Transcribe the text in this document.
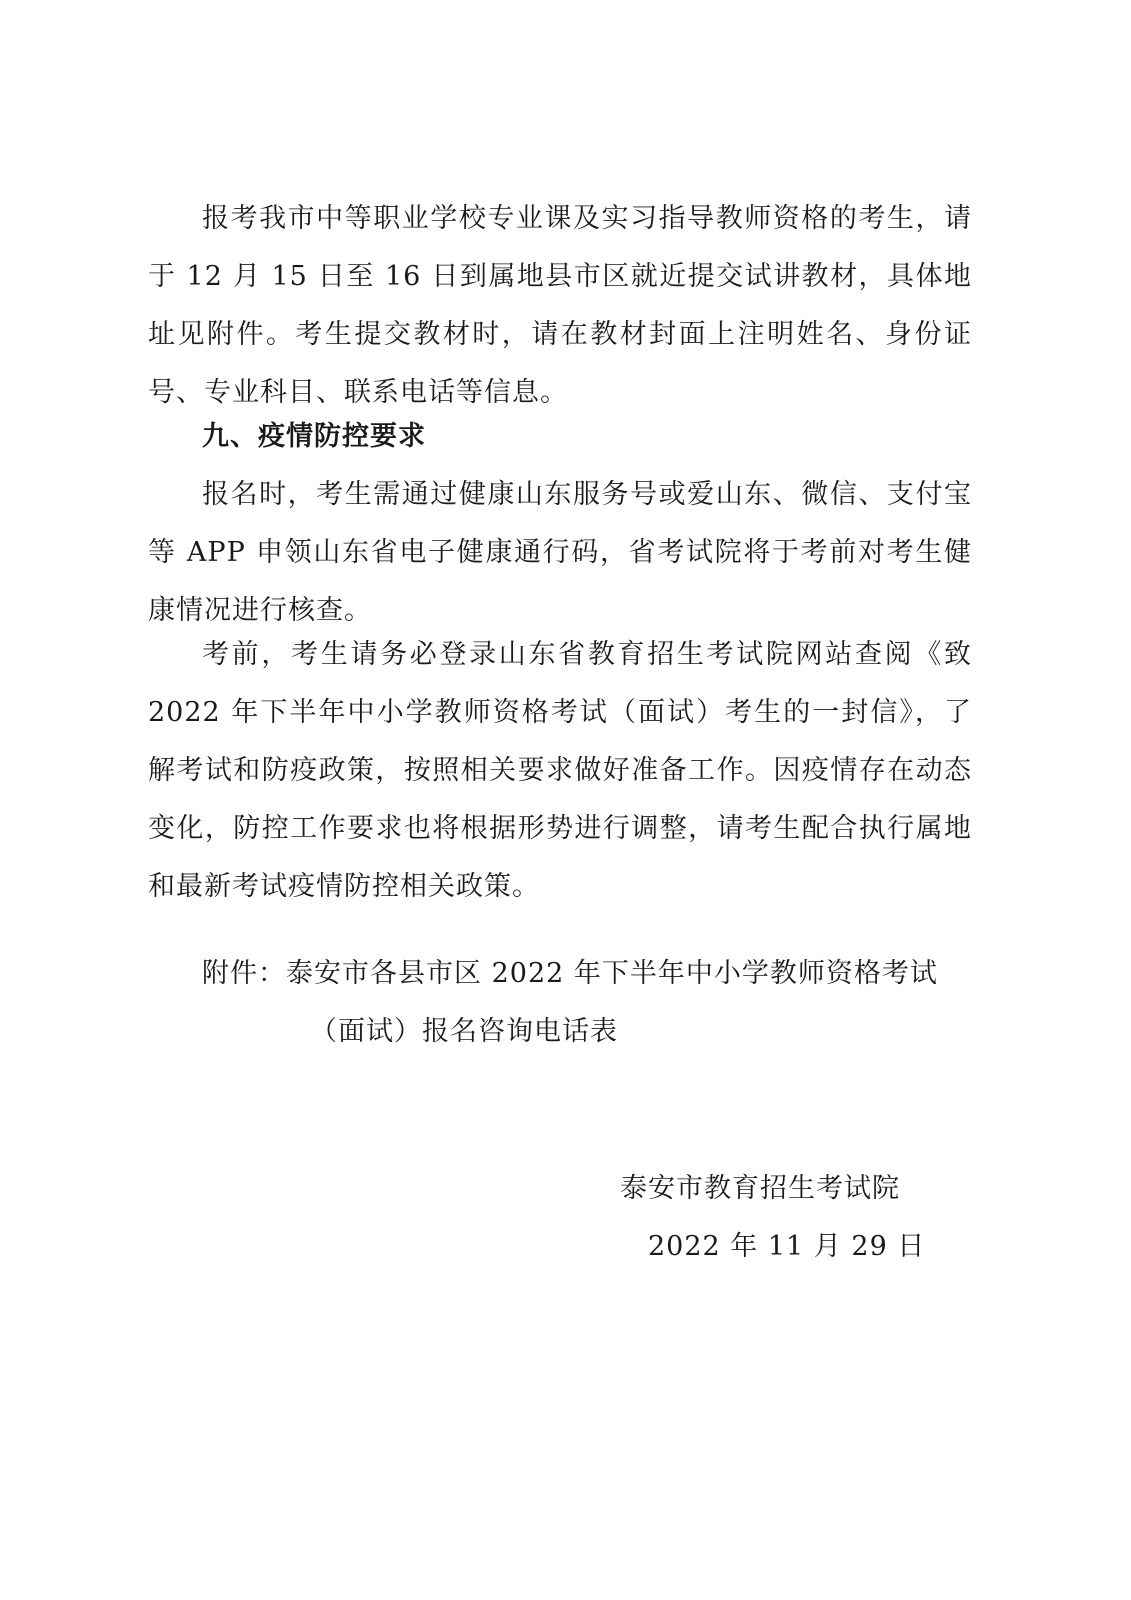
报考我市中等职业学校专业课及实习指导教师资格的考生，请于 12 月 15 日至 16 日到属地县市区就近提交试讲教材，具体地址见附件。考生提交教材时，请在教材封面上注明姓名、身份证号、专业科目、联系电话等信息。

九、疫情防控要求

报名时，考生需通过健康山东服务号或爱山东、微信、支付宝等 APP 申领山东省电子健康通行码，省考试院将于考前对考生健康情况进行核查。

考前，考生请务必登录山东省教育招生考试院网站查阅《致 2022 年下半年中小学教师资格考试（面试）考生的一封信》，了解考试和防疫政策，按照相关要求做好准备工作。因疫情存在动态变化，防控工作要求也将根据形势进行调整，请考生配合执行属地和最新考试疫情防控相关政策。

附件：泰安市各县市区 2022 年下半年中小学教师资格考试
（面试）报名咨询电话表

泰安市教育招生考试院

2022 年 11 月 29 日
